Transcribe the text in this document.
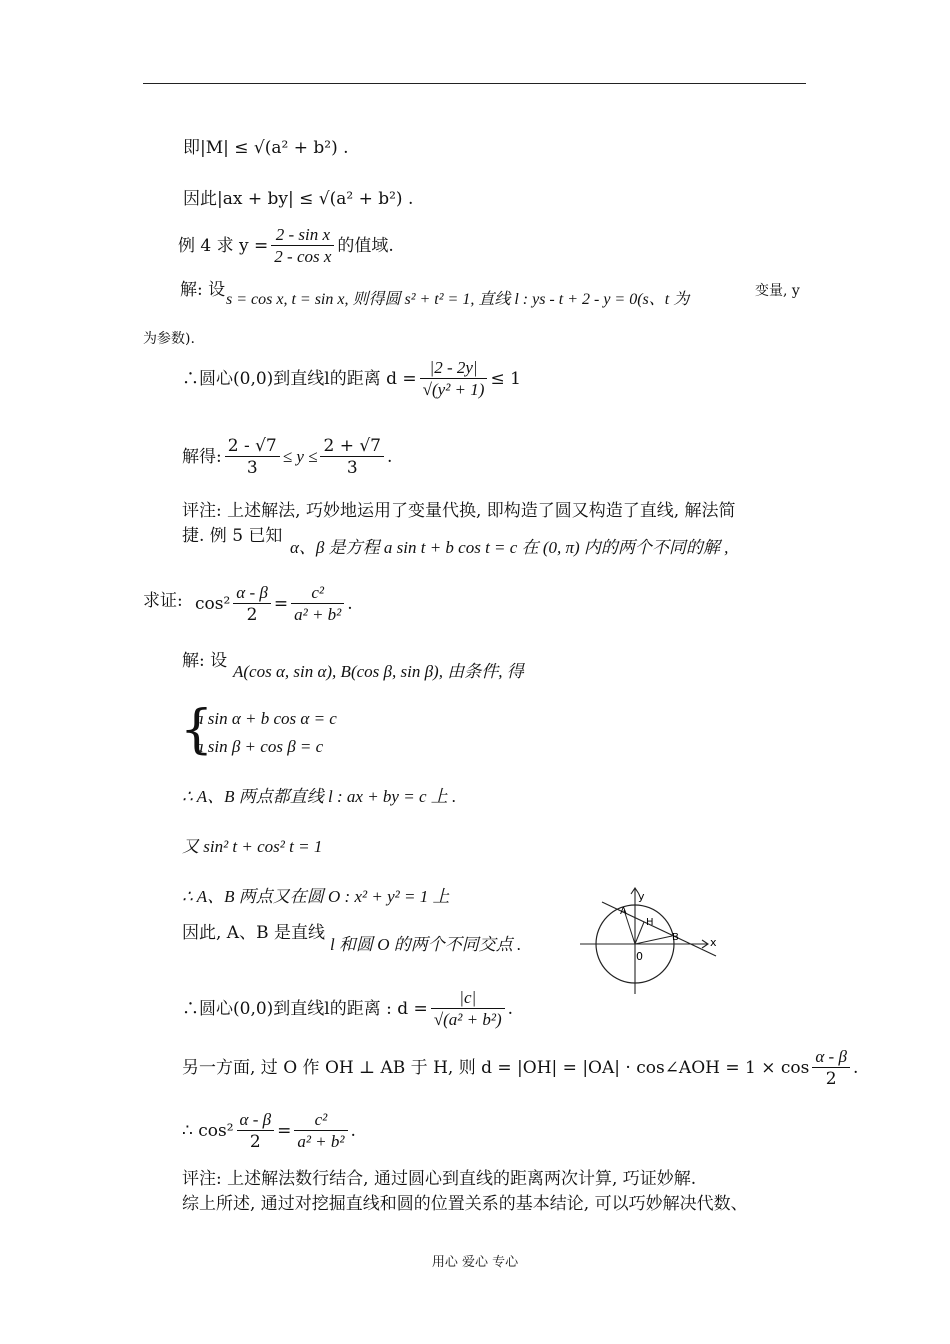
即|M| ≤ √(a² + b²) .
因此|ax + by| ≤ √(a² + b²) .
例 4 求 $y = \frac{\text{2 - sin x}}{\text{2 - cos x}}$ 的值域.
解: 设 s = cos x, t = sin x, 则得圆 s² + t² = 1, 直线 l : ys - t + 2 - y = 0(s、t 为	变量, y
为参数).
∴圆心(0,0)到直线l的距离 $d = \frac{|2 - 2y|}{\text{√(y² + 1)}} \le 1$
解得: $\frac{2 - √7}{3} \le y \le \frac{2 + √7}{3}$ .
评注: 上述解法, 巧妙地运用了变量代换, 即构造了圆又构造了直线, 解法简
捷. 例 5 已知
α、β 是方程 a sin t + b cos t = c 在 (0, π) 内的两个不同的解 ,
求证: $\cos^2 \frac{\alpha - \beta}{2} = \frac{\text{c²}}{\text{a² + b²}}$ .
解: 设
A(cos α, sin α), B(cos β, sin β), 由条件, 得
{
a sin α + b cos α = c
a sin β + cos β = c
∴ A、B 两点都直线 l : ax + by = c 上 .
又 sin² t + cos² t = 1
∴ A、B 两点又在圆 O : x² + y² = 1 上
因此, A、B 是直线
l 和圆 O 的两个不同交点 .
y
x
0
A
B
H
∴圆心(0,0)到直线l的距离 : $d = \frac{|c|}{\text{√(a² + b²)}}$ .
另一方面, 过 O 作 OH ⊥ AB 于 H, 则 d = |OH| = |OA| · cos∠AOH = $1 \times \cos \frac{\alpha - \beta}{2}$ .
∴ $\cos^2 \frac{\alpha - \beta}{2} = \frac{\text{c²}}{\text{a² + b²}}$ .
评注: 上述解法数行结合, 通过圆心到直线的距离两次计算, 巧证妙解.
综上所述, 通过对挖掘直线和圆的位置关系的基本结论, 可以巧妙解决代数、
用心 爱心 专心
